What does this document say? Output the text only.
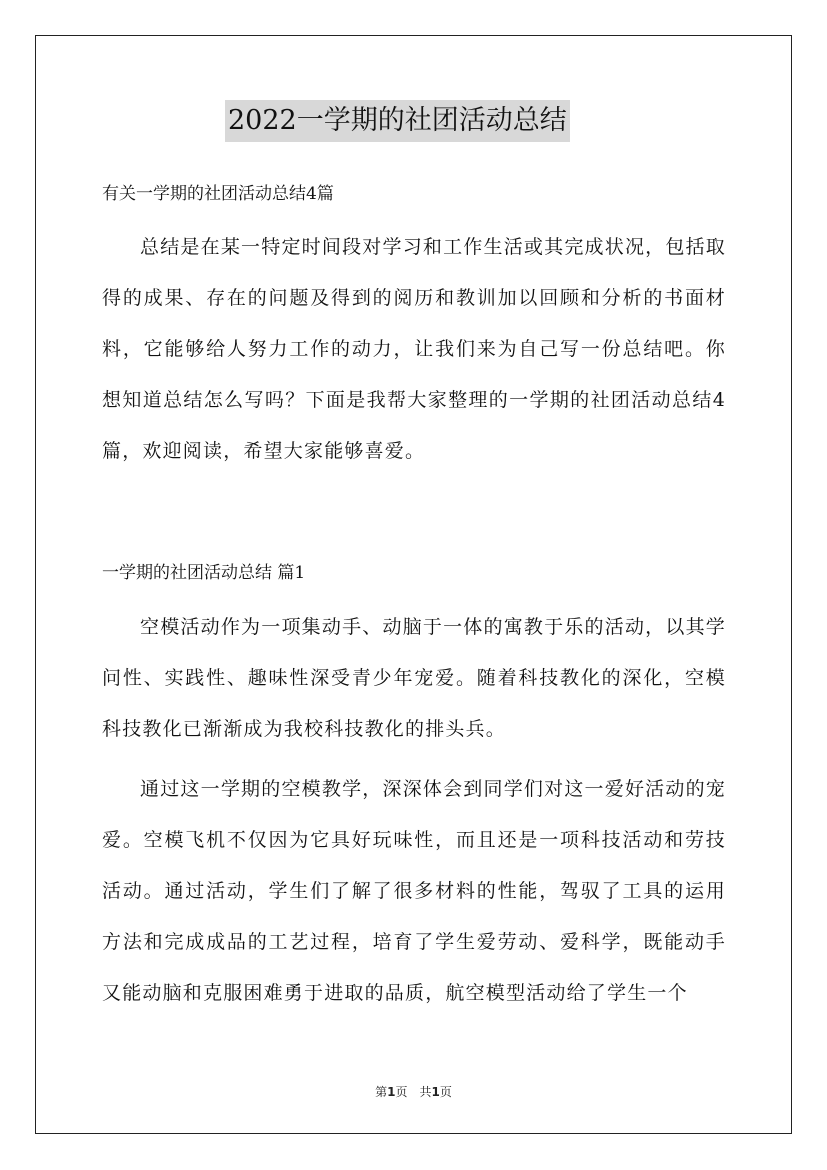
2022一学期的社团活动总结
有关一学期的社团活动总结4篇

总结是在某一特定时间段对学习和工作生活或其完成状况，包括取得的成果、存在的问题及得到的阅历和教训加以回顾和分析的书面材料，它能够给人努力工作的动力，让我们来为自己写一份总结吧。你想知道总结怎么写吗？下面是我帮大家整理的一学期的社团活动总结4篇，欢迎阅读，希望大家能够喜爱。

一学期的社团活动总结 篇1

空模活动作为一项集动手、动脑于一体的寓教于乐的活动，以其学问性、实践性、趣味性深受青少年宠爱。随着科技教化的深化，空模科技教化已渐渐成为我校科技教化的排头兵。

通过这一学期的空模教学，深深体会到同学们对这一爱好活动的宠爱。空模飞机不仅因为它具好玩味性，而且还是一项科技活动和劳技活动。通过活动，学生们了解了很多材料的性能，驾驭了工具的运用方法和完成成品的工艺过程，培育了学生爱劳动、爱科学，既能动手又能动脑和克服困难勇于进取的品质，航空模型活动给了学生一个

第1页　共1页
